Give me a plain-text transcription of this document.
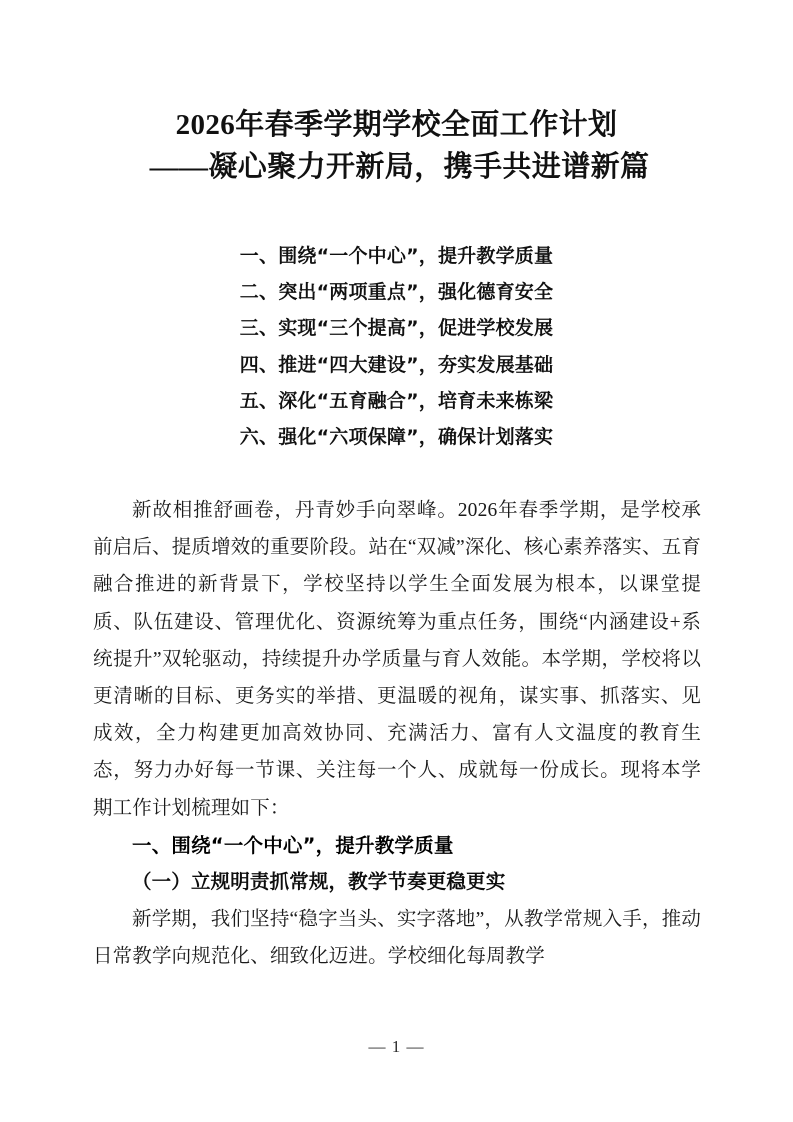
2026年春季学期学校全面工作计划
——凝心聚力开新局，携手共进谱新篇
一、围绕“一个中心”，提升教学质量
二、突出“两项重点”，强化德育安全
三、实现“三个提高”，促进学校发展
四、推进“四大建设”，夯实发展基础
五、深化“五育融合”，培育未来栋梁
六、强化“六项保障”，确保计划落实

新故相推舒画卷，丹青妙手向翠峰。2026年春季学期，是学校承前启后、提质增效的重要阶段。站在“双减”深化、核心素养落实、五育融合推进的新背景下，学校坚持以学生全面发展为根本，以课堂提质、队伍建设、管理优化、资源统筹为重点任务，围绕“内涵建设+系统提升”双轮驱动，持续提升办学质量与育人效能。本学期，学校将以更清晰的目标、更务实的举措、更温暖的视角，谋实事、抓落实、见成效，全力构建更加高效协同、充满活力、富有人文温度的教育生态，努力办好每一节课、关注每一个人、成就每一份成长。现将本学期工作计划梳理如下：

一、围绕“一个中心”，提升教学质量

（一）立规明责抓常规，教学节奏更稳更实

新学期，我们坚持“稳字当头、实字落地”，从教学常规入手，推动日常教学向规范化、细致化迈进。学校细化每周教学

— 1 —
